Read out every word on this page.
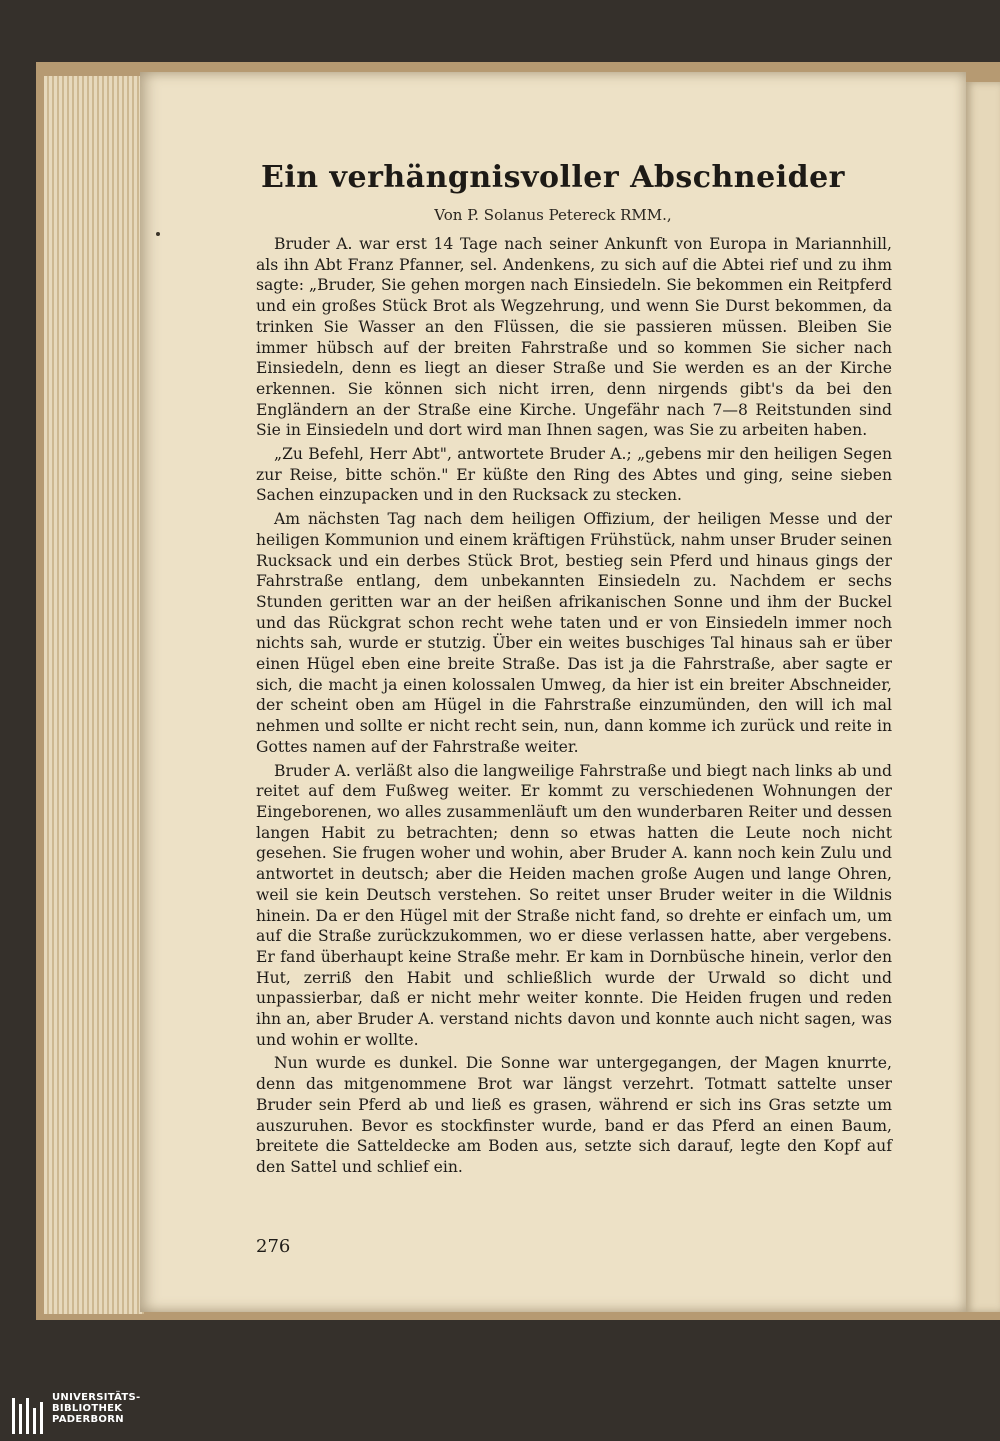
Ein verhängnisvoller Abschneider
Von P. Solanus Petereck RMM.,

Bruder A. war erst 14 Tage nach seiner Ankunft von Europa in Mariannhill, als ihn Abt Franz Pfanner, sel. Andenkens, zu sich auf die Abtei rief und zu ihm sagte: „Bruder, Sie gehen morgen nach Einsiedeln. Sie bekommen ein Reitpferd und ein großes Stück Brot als Wegzehrung, und wenn Sie Durst bekommen, da trinken Sie Wasser an den Flüssen, die sie passieren müssen. Bleiben Sie immer hübsch auf der breiten Fahrstraße und so kommen Sie sicher nach Einsiedeln, denn es liegt an dieser Straße und Sie werden es an der Kirche erkennen. Sie können sich nicht irren, denn nirgends gibt's da bei den Engländern an der Straße eine Kirche. Ungefähr nach 7—8 Reitstunden sind Sie in Einsiedeln und dort wird man Ihnen sagen, was Sie zu arbeiten haben.

„Zu Befehl, Herr Abt", antwortete Bruder A.; „gebens mir den heiligen Segen zur Reise, bitte schön." Er küßte den Ring des Abtes und ging, seine sieben Sachen einzupacken und in den Rucksack zu stecken.

Am nächsten Tag nach dem heiligen Offizium, der heiligen Messe und der heiligen Kommunion und einem kräftigen Frühstück, nahm unser Bruder seinen Rucksack und ein derbes Stück Brot, bestieg sein Pferd und hinaus gings der Fahrstraße entlang, dem unbekannten Einsiedeln zu. Nachdem er sechs Stunden geritten war an der heißen afrikanischen Sonne und ihm der Buckel und das Rückgrat schon recht wehe taten und er von Einsiedeln immer noch nichts sah, wurde er stutzig. Über ein weites buschiges Tal hinaus sah er über einen Hügel eben eine breite Straße. Das ist ja die Fahrstraße, aber sagte er sich, die macht ja einen kolossalen Umweg, da hier ist ein breiter Abschneider, der scheint oben am Hügel in die Fahrstraße einzumünden, den will ich mal nehmen und sollte er nicht recht sein, nun, dann komme ich zurück und reite in Gottes namen auf der Fahrstraße weiter.

Bruder A. verläßt also die langweilige Fahrstraße und biegt nach links ab und reitet auf dem Fußweg weiter. Er kommt zu verschiedenen Wohnungen der Eingeborenen, wo alles zusammenläuft um den wunderbaren Reiter und dessen langen Habit zu betrachten; denn so etwas hatten die Leute noch nicht gesehen. Sie frugen woher und wohin, aber Bruder A. kann noch kein Zulu und antwortet in deutsch; aber die Heiden machen große Augen und lange Ohren, weil sie kein Deutsch verstehen. So reitet unser Bruder weiter in die Wildnis hinein. Da er den Hügel mit der Straße nicht fand, so drehte er einfach um, um auf die Straße zurückzukommen, wo er diese verlassen hatte, aber vergebens. Er fand überhaupt keine Straße mehr. Er kam in Dornbüsche hinein, verlor den Hut, zerriß den Habit und schließlich wurde der Urwald so dicht und unpassierbar, daß er nicht mehr weiter konnte. Die Heiden frugen und reden ihn an, aber Bruder A. verstand nichts davon und konnte auch nicht sagen, was und wohin er wollte.

Nun wurde es dunkel. Die Sonne war untergegangen, der Magen knurrte, denn das mitgenommene Brot war längst verzehrt. Totmatt sattelte unser Bruder sein Pferd ab und ließ es grasen, während er sich ins Gras setzte um auszuruhen. Bevor es stockfinster wurde, band er das Pferd an einen Baum, breitete die Satteldecke am Boden aus, setzte sich darauf, legte den Kopf auf den Sattel und schlief ein.

276
UNIVERSITÄTS-
BIBLIOTHEK
PADERBORN
